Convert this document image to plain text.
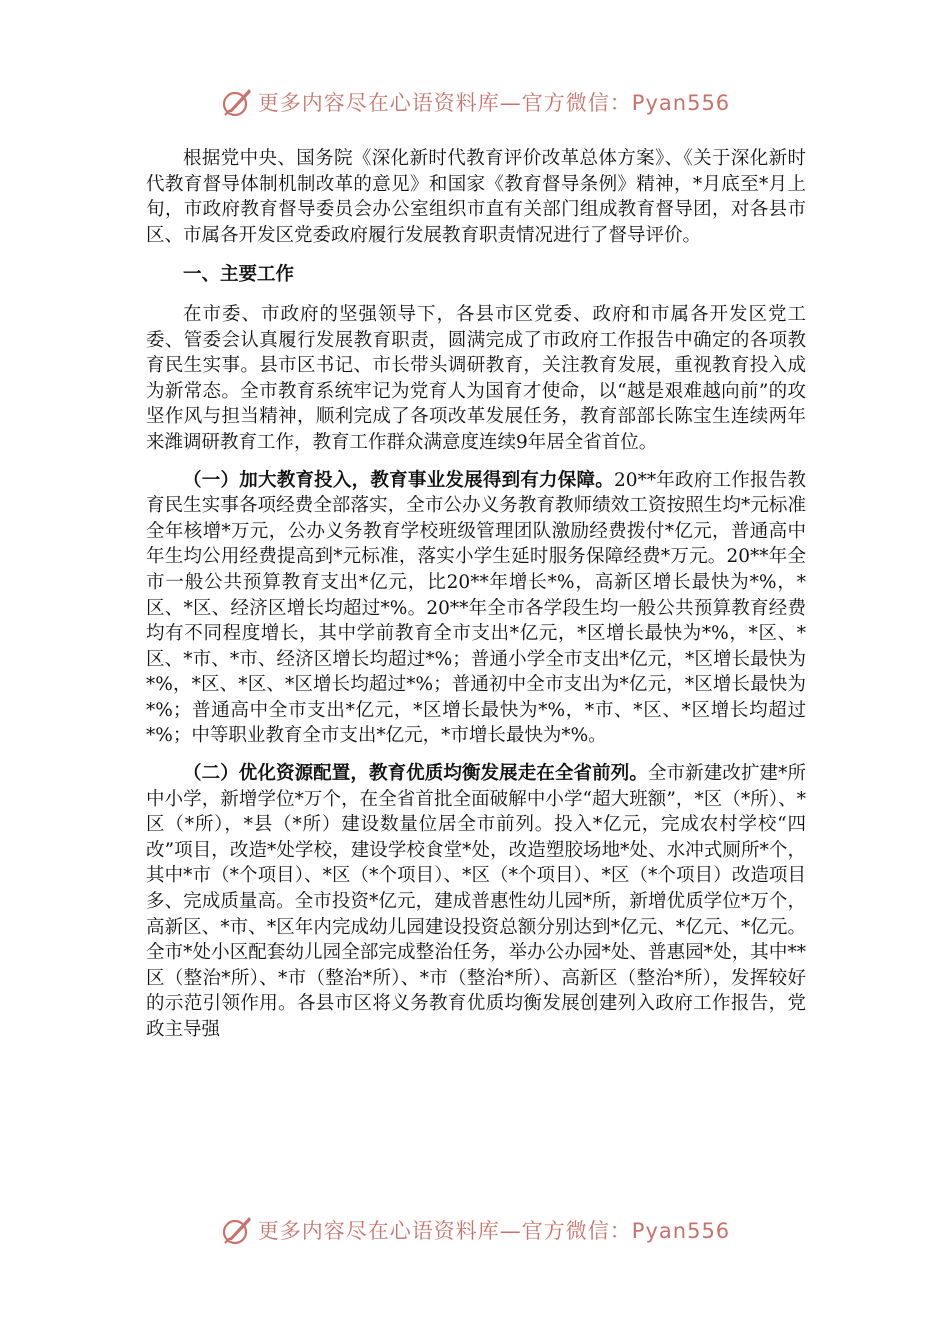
更多内容尽在心语资料库—官方微信：Pyan556

根据党中央、国务院《深化新时代教育评价改革总体方案》、《关于深化新时代教育督导体制机制改革的意见》和国家《教育督导条例》精神，*月底至*月上旬，市政府教育督导委员会办公室组织市直有关部门组成教育督导团，对各县市区、市属各开发区党委政府履行发展教育职责情况进行了督导评价。

一、主要工作

在市委、市政府的坚强领导下，各县市区党委、政府和市属各开发区党工委、管委会认真履行发展教育职责，圆满完成了市政府工作报告中确定的各项教育民生实事。县市区书记、市长带头调研教育，关注教育发展，重视教育投入成为新常态。全市教育系统牢记为党育人为国育才使命，以“越是艰难越向前”的攻坚作风与担当精神，顺利完成了各项改革发展任务，教育部部长陈宝生连续两年来潍调研教育工作，教育工作群众满意度连续9年居全省首位。

（一）加大教育投入，教育事业发展得到有力保障。20**年政府工作报告教育民生实事各项经费全部落实，全市公办义务教育教师绩效工资按照生均*元标准全年核增*万元，公办义务教育学校班级管理团队激励经费拨付*亿元，普通高中年生均公用经费提高到*元标准，落实小学生延时服务保障经费*万元。20**年全市一般公共预算教育支出*亿元，比20**年增长*%，高新区增长最快为*%，*区、*区、经济区增长均超过*%。20**年全市各学段生均一般公共预算教育经费均有不同程度增长，其中学前教育全市支出*亿元，*区增长最快为*%，*区、*区、*市、*市、经济区增长均超过*%；普通小学全市支出*亿元，*区增长最快为*%，*区、*区、*区增长均超过*%；普通初中全市支出为*亿元，*区增长最快为*%；普通高中全市支出*亿元，*区增长最快为*%，*市、*区、*区增长均超过*%；中等职业教育全市支出*亿元，*市增长最快为*%。

（二）优化资源配置，教育优质均衡发展走在全省前列。全市新建改扩建*所中小学，新增学位*万个，在全省首批全面破解中小学“超大班额”，*区（*所）、*区（*所），*县（*所）建设数量位居全市前列。投入*亿元，完成农村学校“四改”项目，改造*处学校，建设学校食堂*处，改造塑胶场地*处、水冲式厕所*个，其中*市（*个项目）、*区（*个项目）、*区（*个项目）、*区（*个项目）改造项目多、完成质量高。全市投资*亿元，建成普惠性幼儿园*所，新增优质学位*万个，高新区、*市、*区年内完成幼儿园建设投资总额分别达到*亿元、*亿元、*亿元。全市*处小区配套幼儿园全部完成整治任务，举办公办园*处、普惠园*处，其中**区（整治*所）、*市（整治*所）、*市（整治*所）、高新区（整治*所），发挥较好的示范引领作用。各县市区将义务教育优质均衡发展创建列入政府工作报告，党政主导强

更多内容尽在心语资料库—官方微信：Pyan556
